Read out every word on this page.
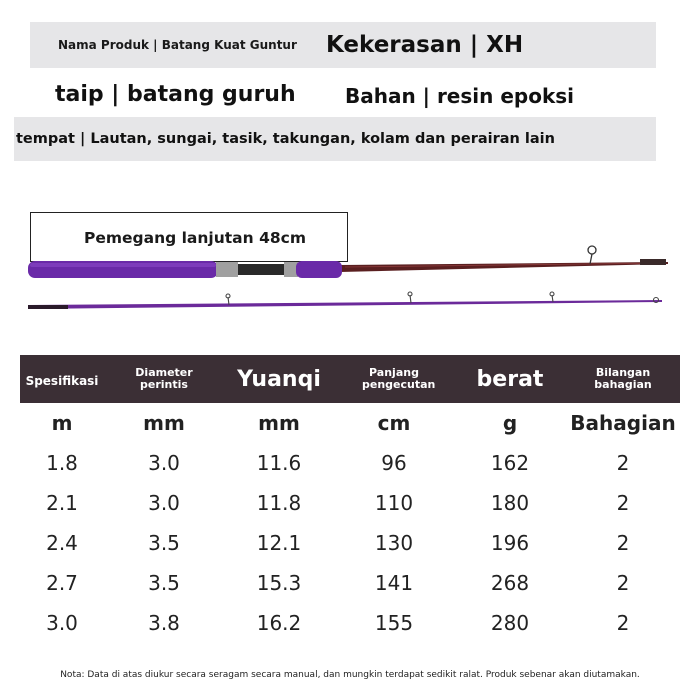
Nama Produk | Batang Kuat Guntur Kekerasan | XH
taip | batang guruh Bahan | resin epoksi
tempat | Lautan, sungai, tasik, takungan, kolam dan perairan lain
Pemegang lanjutan 48cm
Spesifikasi	Diameter perintis	Yuanqi	Panjang pengecutan	berat	Bilangan bahagian
m	mm	mm	cm	g	Bahagian
1.8	3.0	11.6	96	162	2
2.1	3.0	11.8	110	180	2
2.4	3.5	12.1	130	196	2
2.7	3.5	15.3	141	268	2
3.0	3.8	16.2	155	280	2
Nota: Data di atas diukur secara seragam secara manual, dan mungkin terdapat sedikit ralat. Produk sebenar akan diutamakan.
